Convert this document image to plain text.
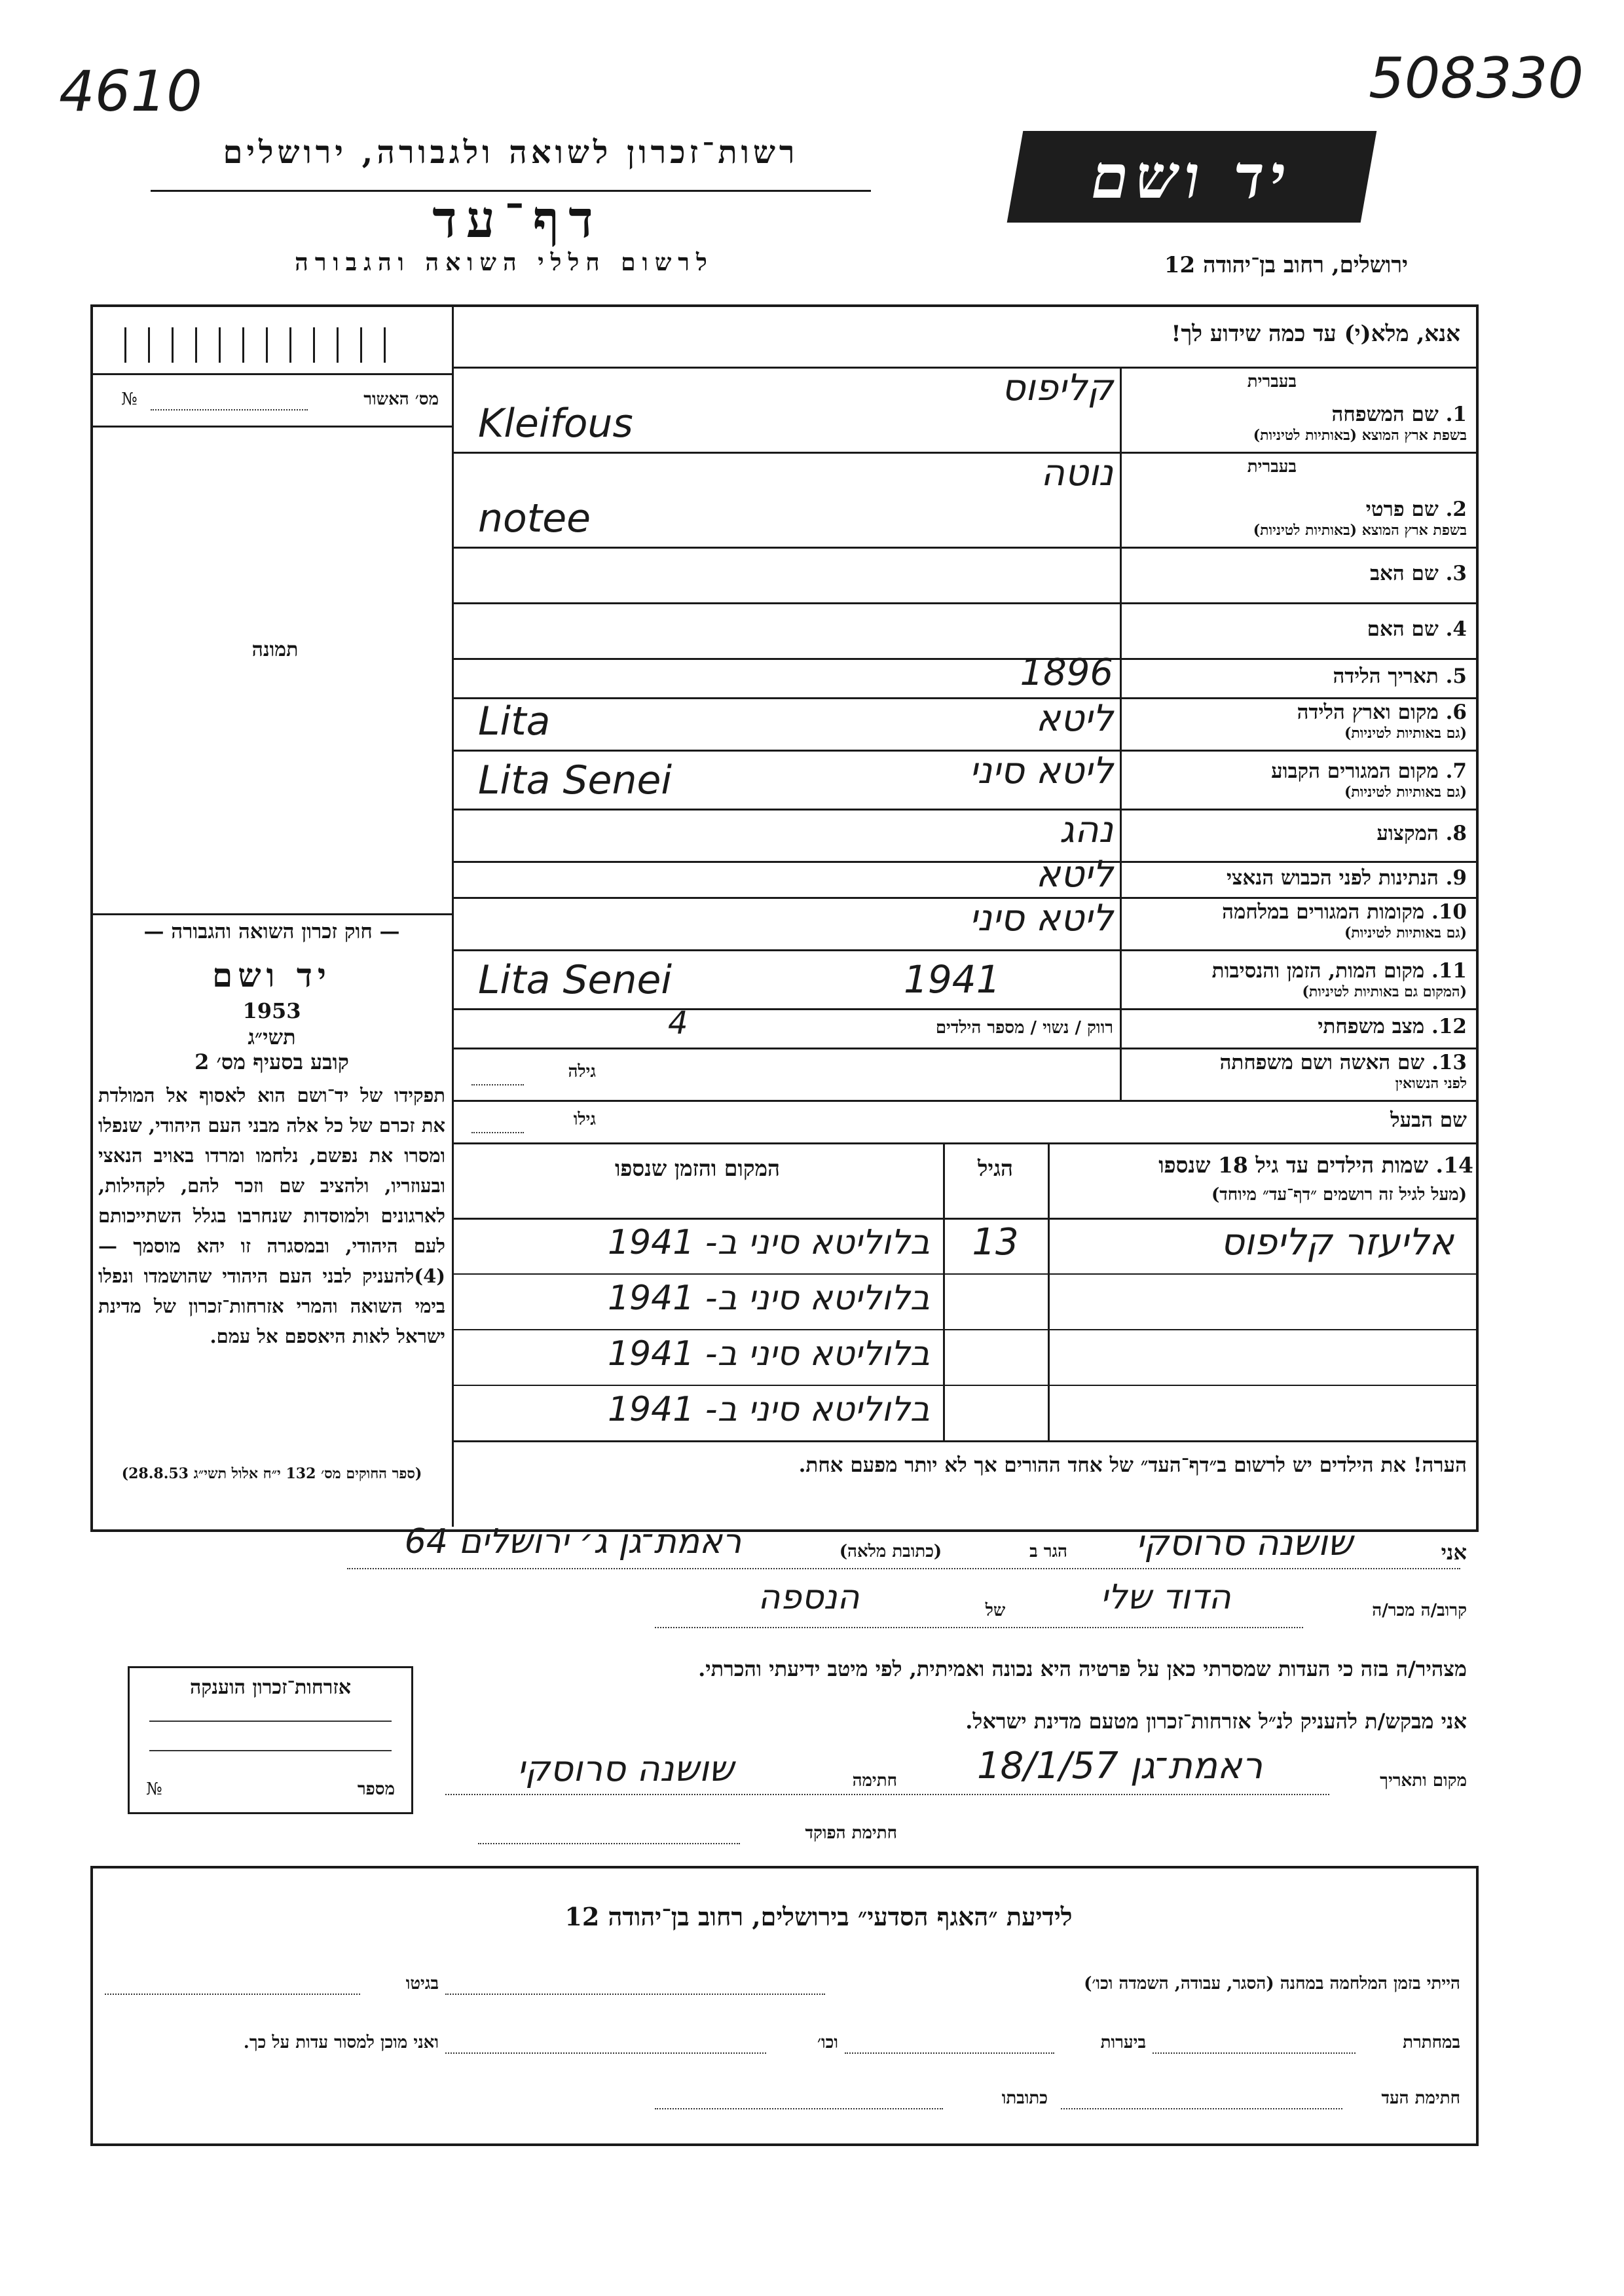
4610	508330
רשות־זכרון לשואה ולגבורה, ירושלים
דף־עד
לרשום חללי השואה והגבורה
יד ושם
ירושלים, רחוב בן־יהודה 12
אנא, מלא(י) עד כמה שידוע לך!
מס׳ האשור
№
תמונה
— חוק זכרון השואה והגבורה —
יד ושם
1953
תשי״ג
קובע בסעיף מס׳ 2
תפקידו של יד־ושם הוא לאסוף אל המולדת את זכרם של כל אלה מבני העם היהודי, שנפלו ומסרו את נפשם, נלחמו ומרדו באויב הנאצי ובעוזריו, ולהציב שם וזכר להם, לקהילות, לארגונים ולמוסדות שנחרבו בגלל השתייכותם לעם היהודי, ובמסגרה זו יהא מוסמך — (4)להעניק לבני העם היהודי שהושמדו ונפלו בימי השואה והמרי אזרחות־זכרון של מדינת ישראל לאות היאספם אל עמם.
(ספר החוקים מס׳ 132 י״ח אלול תשי״ג 28.8.53)
1. שם המשפחה
בעברית
בשפת ארץ המוצא (באותיות לטיניות)
קליפוס
Kleifous
2. שם פרטי
בעברית
בשפת ארץ המוצא (באותיות לטיניות)
נוטה
notee
3. שם האב
4. שם האם
5. תאריך הלידה
1896
6. מקום וארץ הלידה
(גם באותיות לטיניות)
ליטא
Lita
7. מקום המגורים הקבוע
(גם באותיות לטיניות)
ליטא סיני
Lita Senei
8. המקצוע
נהג
9. הנתינות לפני הכבוש הנאצי
ליטא
10. מקומות המגורים במלחמה
(גם באותיות לטיניות)
ליטא סיני
11. מקום המות, הזמן והנסיבות
(המקום גם באותיות לטיניות)
Lita Senei	1941
12. מצב משפחתי
רווק / נשוי / מספר הילדים
4
13. שם האשה ושם משפחתה
לפני הנשואין
גילה
שם הבעל
גילו
14. שמות הילדים עד גיל 18 שנספו
(מעל לגיל זה רושמים ״דף־עד״ מיוחד)
הגיל
המקום והזמן שנספו
אליעזר קליפוס
13
בלוליטא סיני ב- 1941
בלוליטא סיני ב- 1941
בלוליטא סיני ב- 1941
בלוליטא סיני ב- 1941
הערה! את הילדים יש לרשום ב״דף־העד״ של אחד ההורים אך לא יותר מפעם אחת.
אני
שושנה סרוסקי
הגר ב
(כתובת מלאה)
ראמת־גן ג׳ ירושלים 64
קרוב/ה מכר/ה
הדוד שלי
של
הנספה
מצהיר/ה בזה כי העדות שמסרתי כאן על פרטיה היא נכונה ואמיתית, לפי מיטב ידיעתי והכרתי.
אני מבקש/ת להעניק לנ״ל אזרחות־זכרון מטעם מדינת ישראל.
מקום ותאריך
ראמת־גן 18/1/57
חתימה
שושנה סרוסקי
חתימת הפוקד
אזרחות־זכרון הוענקה
מספר
№
לידיעת ״האגף הסדעי״ בירושלים, רחוב בן־יהודה 12
הייתי בזמן המלחמה במחנה (הסגר, עבודה, השמדה וכו׳)
בגיטו
במחתרת
ביערות
וכו׳
ואני מוכן למסור עדות על כך.
חתימת העד
כתובתו
